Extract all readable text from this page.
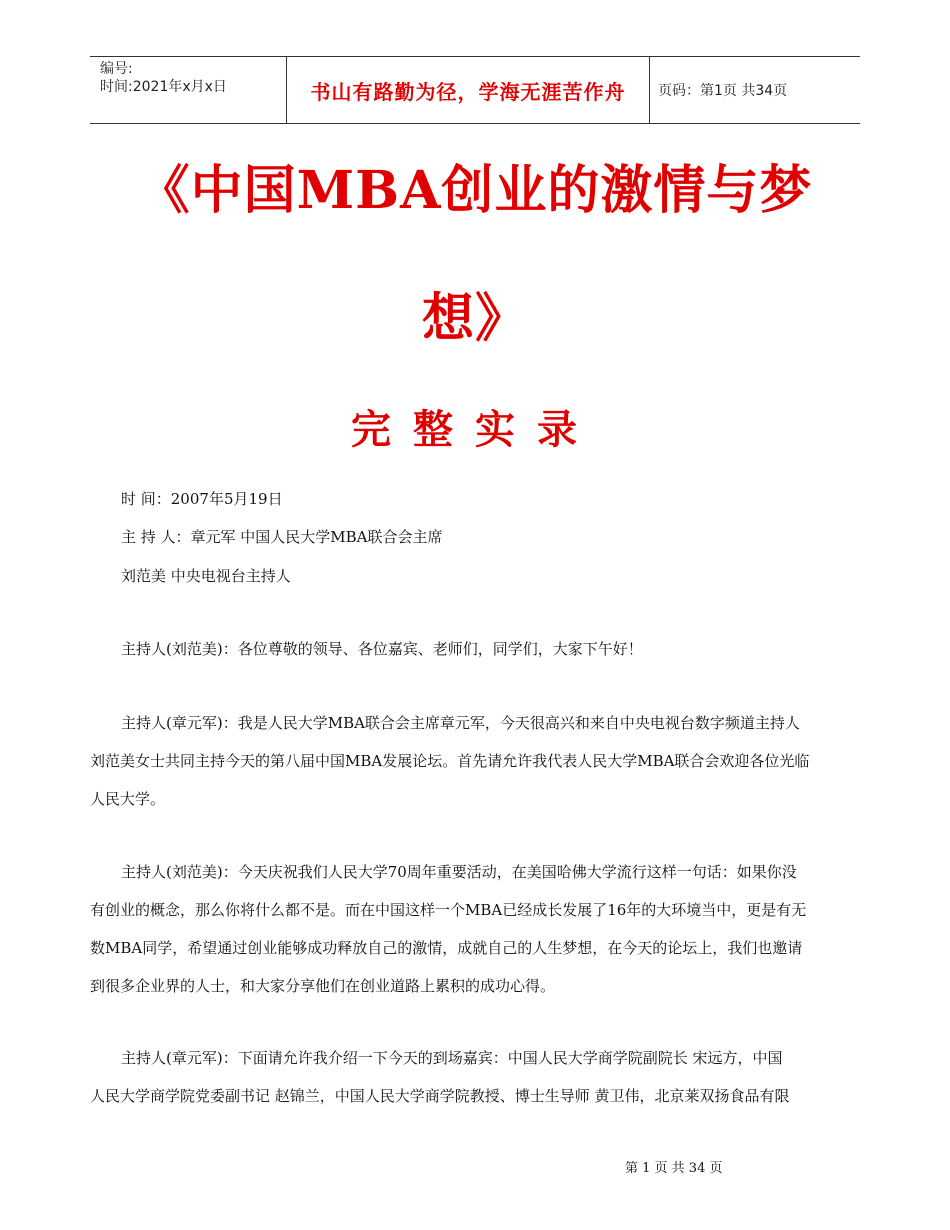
编号:
时间:2021年x月x日	书山有路勤为径，学海无涯苦作舟	页码：第1页 共34页
《中国MBA创业的激情与梦
想》
完整实录
时 间：2007年5月19日
主 持 人：章元军 中国人民大学MBA联合会主席
刘范美 中央电视台主持人
主持人(刘范美)：各位尊敬的领导、各位嘉宾、老师们，同学们，大家下午好！
主持人(章元军)：我是人民大学MBA联合会主席章元军，今天很高兴和来自中央电视台数字频道主持人
刘范美女士共同主持今天的第八届中国MBA发展论坛。首先请允许我代表人民大学MBA联合会欢迎各位光临
人民大学。
主持人(刘范美)：今天庆祝我们人民大学70周年重要活动，在美国哈佛大学流行这样一句话：如果你没
有创业的概念，那么你将什么都不是。而在中国这样一个MBA已经成长发展了16年的大环境当中，更是有无
数MBA同学，希望通过创业能够成功释放自己的激情，成就自己的人生梦想，在今天的论坛上，我们也邀请
到很多企业界的人士，和大家分享他们在创业道路上累积的成功心得。
主持人(章元军)：下面请允许我介绍一下今天的到场嘉宾：中国人民大学商学院副院长 宋远方，中国
人民大学商学院党委副书记 赵锦兰，中国人民大学商学院教授、博士生导师 黄卫伟，北京莱双扬食品有限
第 1 页 共 34 页
